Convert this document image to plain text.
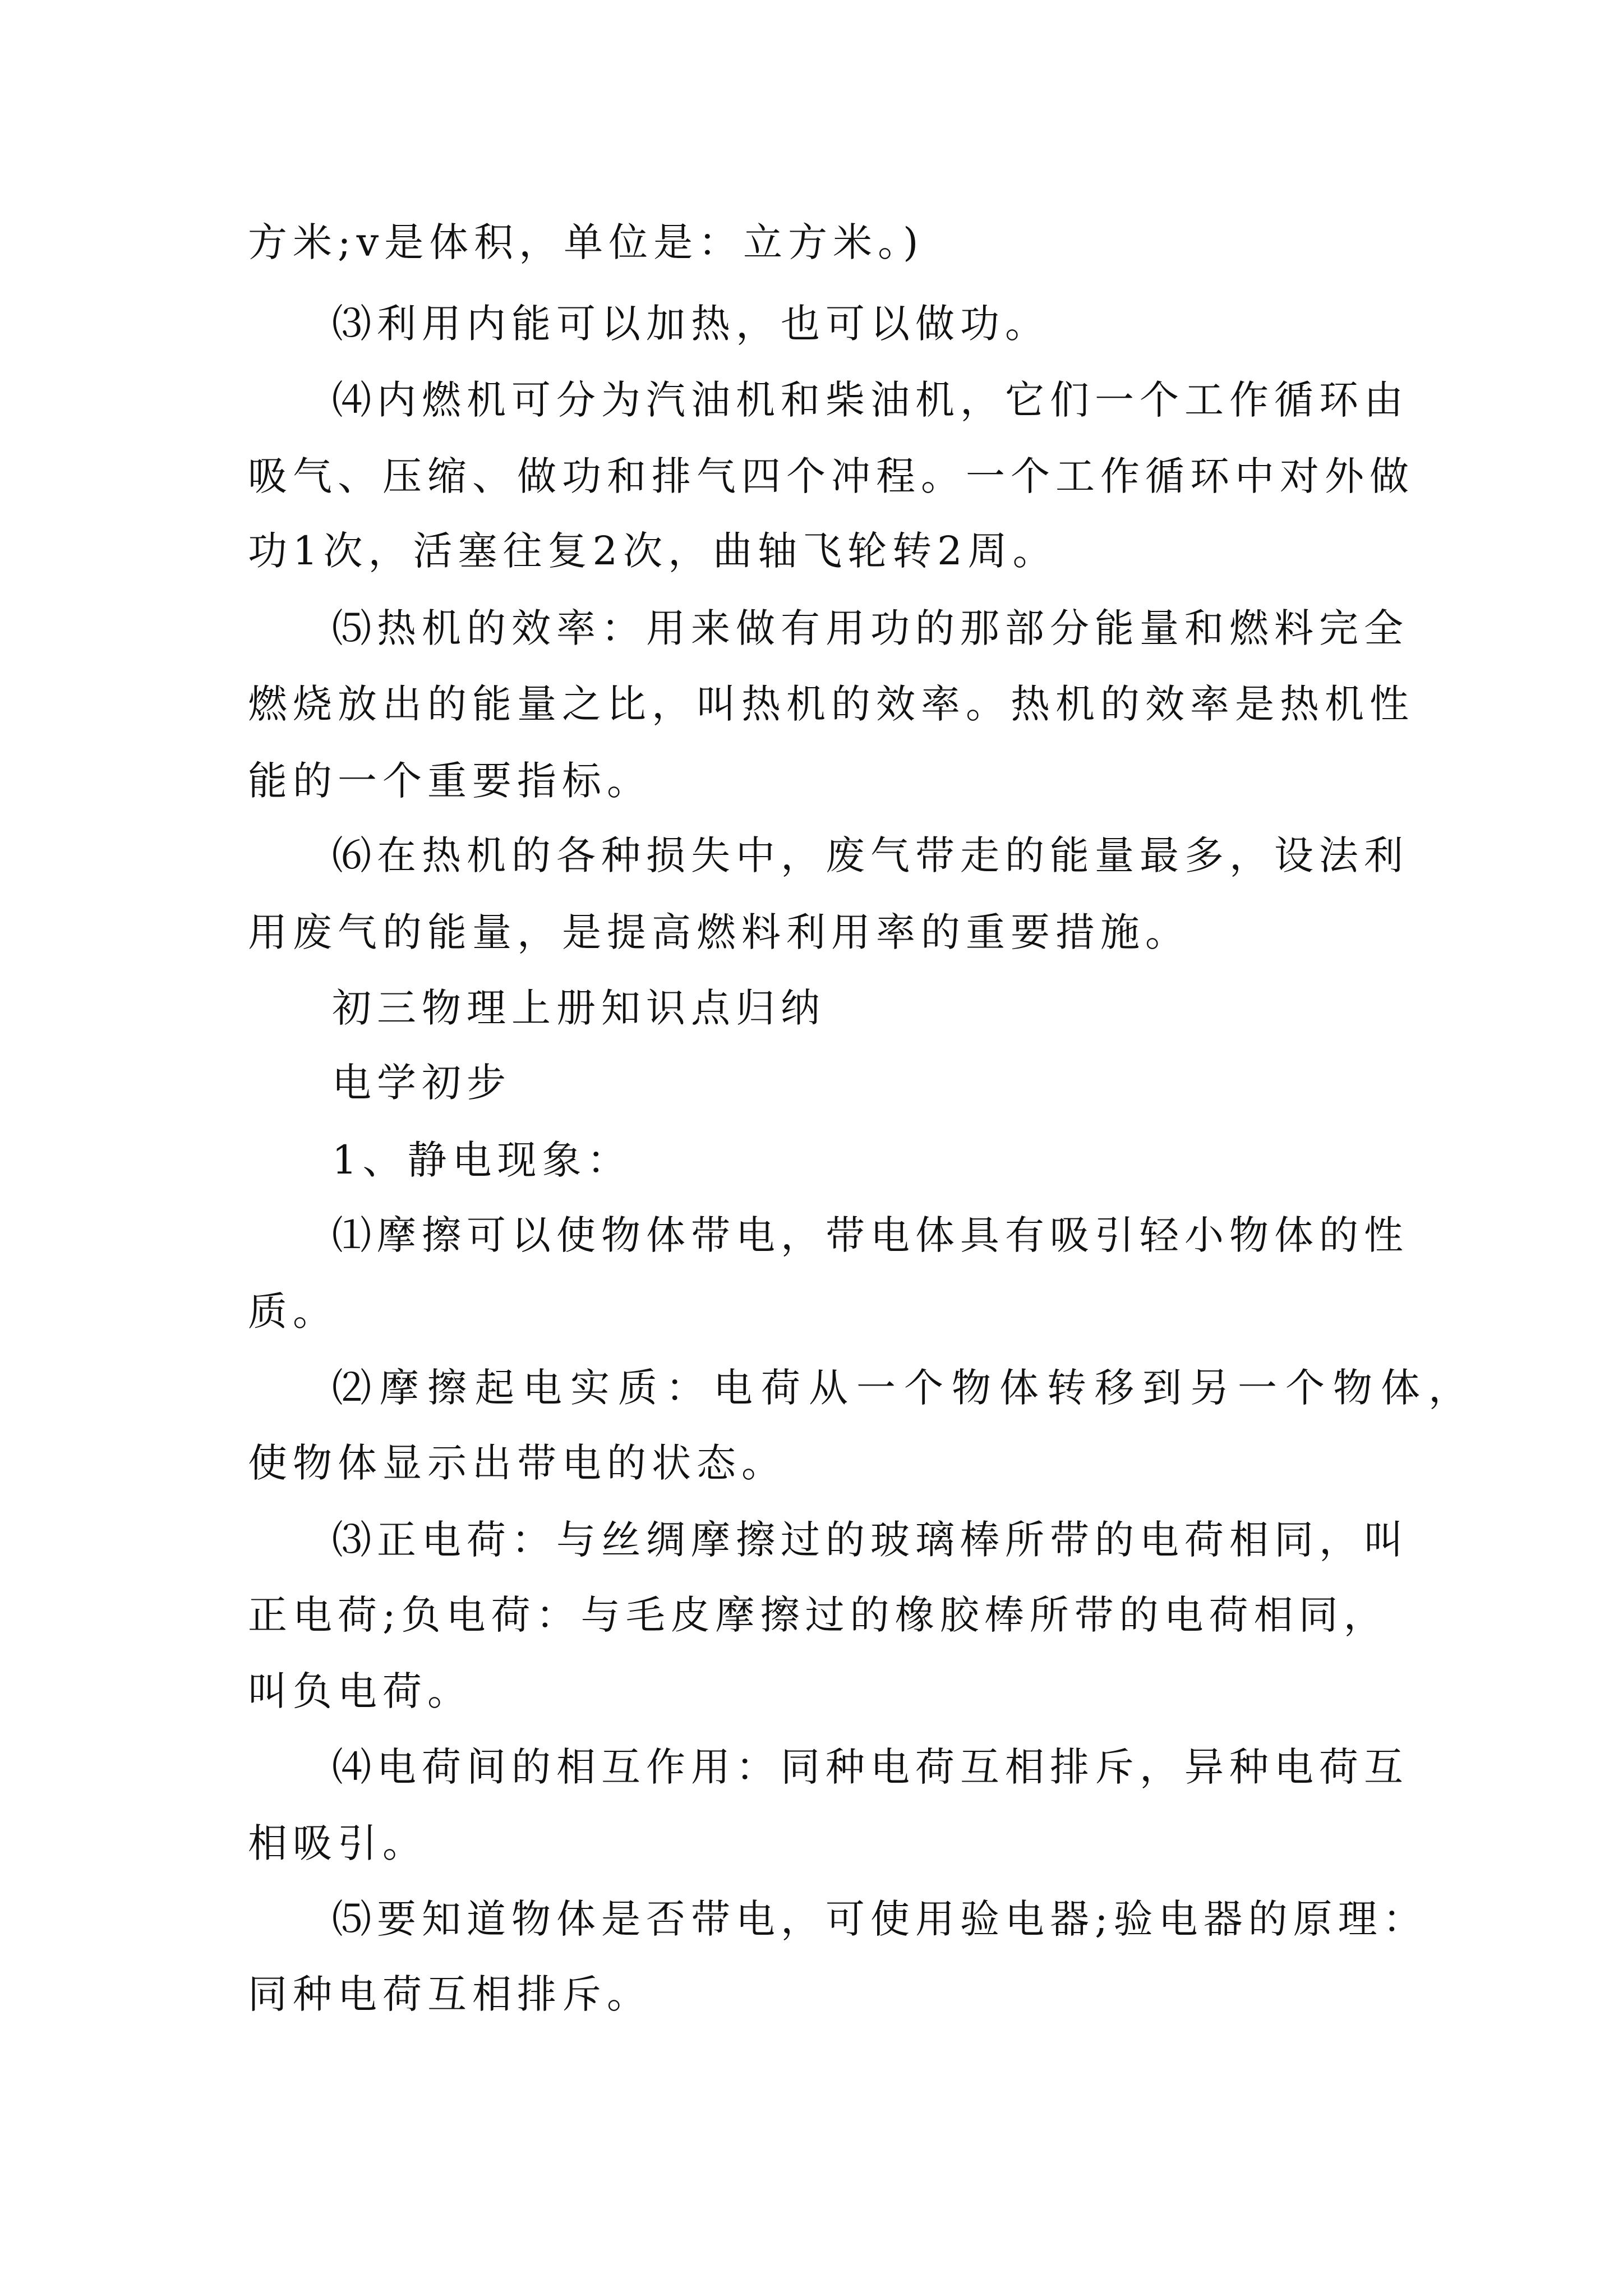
方米;v是体积，单位是：立方米。)
⑶利用内能可以加热，也可以做功。
⑷内燃机可分为汽油机和柴油机，它们一个工作循环由
吸气、压缩、做功和排气四个冲程。一个工作循环中对外做
功1次，活塞往复2次，曲轴飞轮转2周。
⑸热机的效率：用来做有用功的那部分能量和燃料完全
燃烧放出的能量之比，叫热机的效率。热机的效率是热机性
能的一个重要指标。
⑹在热机的各种损失中，废气带走的能量最多，设法利
用废气的能量，是提高燃料利用率的重要措施。
初三物理上册知识点归纳
电学初步
1、静电现象：
⑴摩擦可以使物体带电，带电体具有吸引轻小物体的性
质。
⑵摩擦起电实质：电荷从一个物体转移到另一个物体，
使物体显示出带电的状态。
⑶正电荷：与丝绸摩擦过的玻璃棒所带的电荷相同，叫
正电荷;负电荷：与毛皮摩擦过的橡胶棒所带的电荷相同，
叫负电荷。
⑷电荷间的相互作用：同种电荷互相排斥，异种电荷互
相吸引。
⑸要知道物体是否带电，可使用验电器;验电器的原理：
同种电荷互相排斥。
